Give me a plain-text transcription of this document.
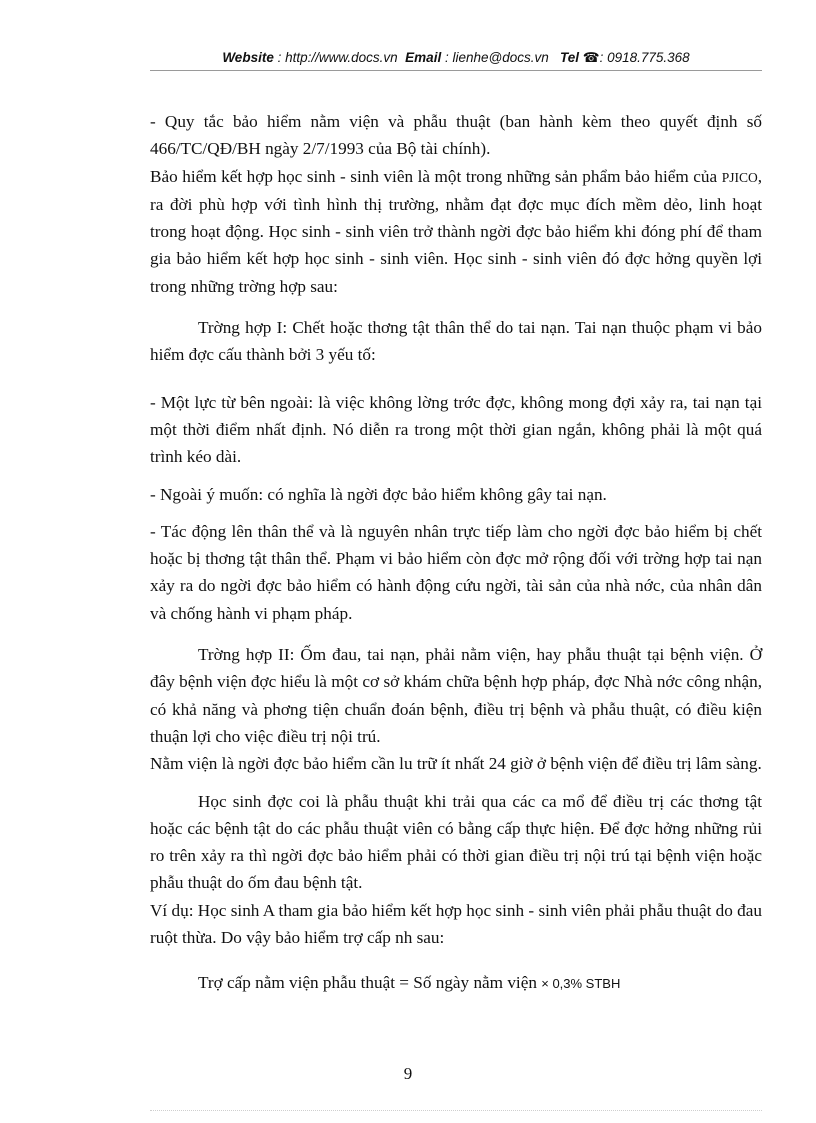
Website : http://www.docs.vn Email : lienhe@docs.vn Tel ☎: 0918.775.368

- Quy tắc bảo hiểm nằm viện và phẫu thuật (ban hành kèm theo quyết định số 466/TC/QĐ/BH ngày 2/7/1993 của Bộ tài chính).

Bảo hiểm kết hợp học sinh - sinh viên là một trong những sản phẩm bảo hiểm của PJICO, ra đời phù hợp với tình hình thị trường, nhằm đạt đợc mục đích mềm dẻo, linh hoạt trong hoạt động. Học sinh - sinh viên trở thành ngời đợc bảo hiểm khi đóng phí để tham gia bảo hiểm kết hợp học sinh - sinh viên. Học sinh - sinh viên đó đợc hởng quyền lợi trong những trờng hợp sau:

Trờng hợp I: Chết hoặc thơng tật thân thể do tai nạn. Tai nạn thuộc phạm vi bảo hiểm đợc cấu thành bởi 3 yếu tố:

- Một lực từ bên ngoài: là việc không lờng trớc đợc, không mong đợi xảy ra, tai nạn tại một thời điểm nhất định. Nó diễn ra trong một thời gian ngắn, không phải là một quá trình kéo dài.

- Ngoài ý muốn: có nghĩa là ngời đợc bảo hiểm không gây tai nạn.

- Tác động lên thân thể và là nguyên nhân trực tiếp làm cho ngời đợc bảo hiểm bị chết hoặc bị thơng tật thân thể. Phạm vi bảo hiểm còn đợc mở rộng đối với trờng hợp tai nạn xảy ra do ngời đợc bảo hiểm có hành động cứu ngời, tài sản của nhà nớc, của nhân dân và chống hành vi phạm pháp.

Trờng hợp II: Ốm đau, tai nạn, phải nằm viện, hay phẫu thuật tại bệnh viện. Ở đây bệnh viện đợc hiểu là một cơ sở khám chữa bệnh hợp pháp, đợc Nhà nớc công nhận, có khả năng và phơng tiện chuẩn đoán bệnh, điều trị bệnh và phẫu thuật, có điều kiện thuận lợi cho việc điều trị nội trú.

Nằm viện là ngời đợc bảo hiểm cần lu trữ ít nhất 24 giờ ở bệnh viện để điều trị lâm sàng.

Học sinh đợc coi là phẫu thuật khi trải qua các ca mổ để điều trị các thơng tật hoặc các bệnh tật do các phẫu thuật viên có bằng cấp thực hiện. Để đợc hởng những rủi ro trên xảy ra thì ngời đợc bảo hiểm phải có thời gian điều trị nội trú tại bệnh viện hoặc phẫu thuật do ốm đau bệnh tật.

Ví dụ: Học sinh A tham gia bảo hiểm kết hợp học sinh - sinh viên phải phẫu thuật do đau ruột thừa. Do vậy bảo hiểm trợ cấp nh sau:

Trợ cấp nằm viện phẫu thuật = Số ngày nằm viện × 0,3% STBH

9
